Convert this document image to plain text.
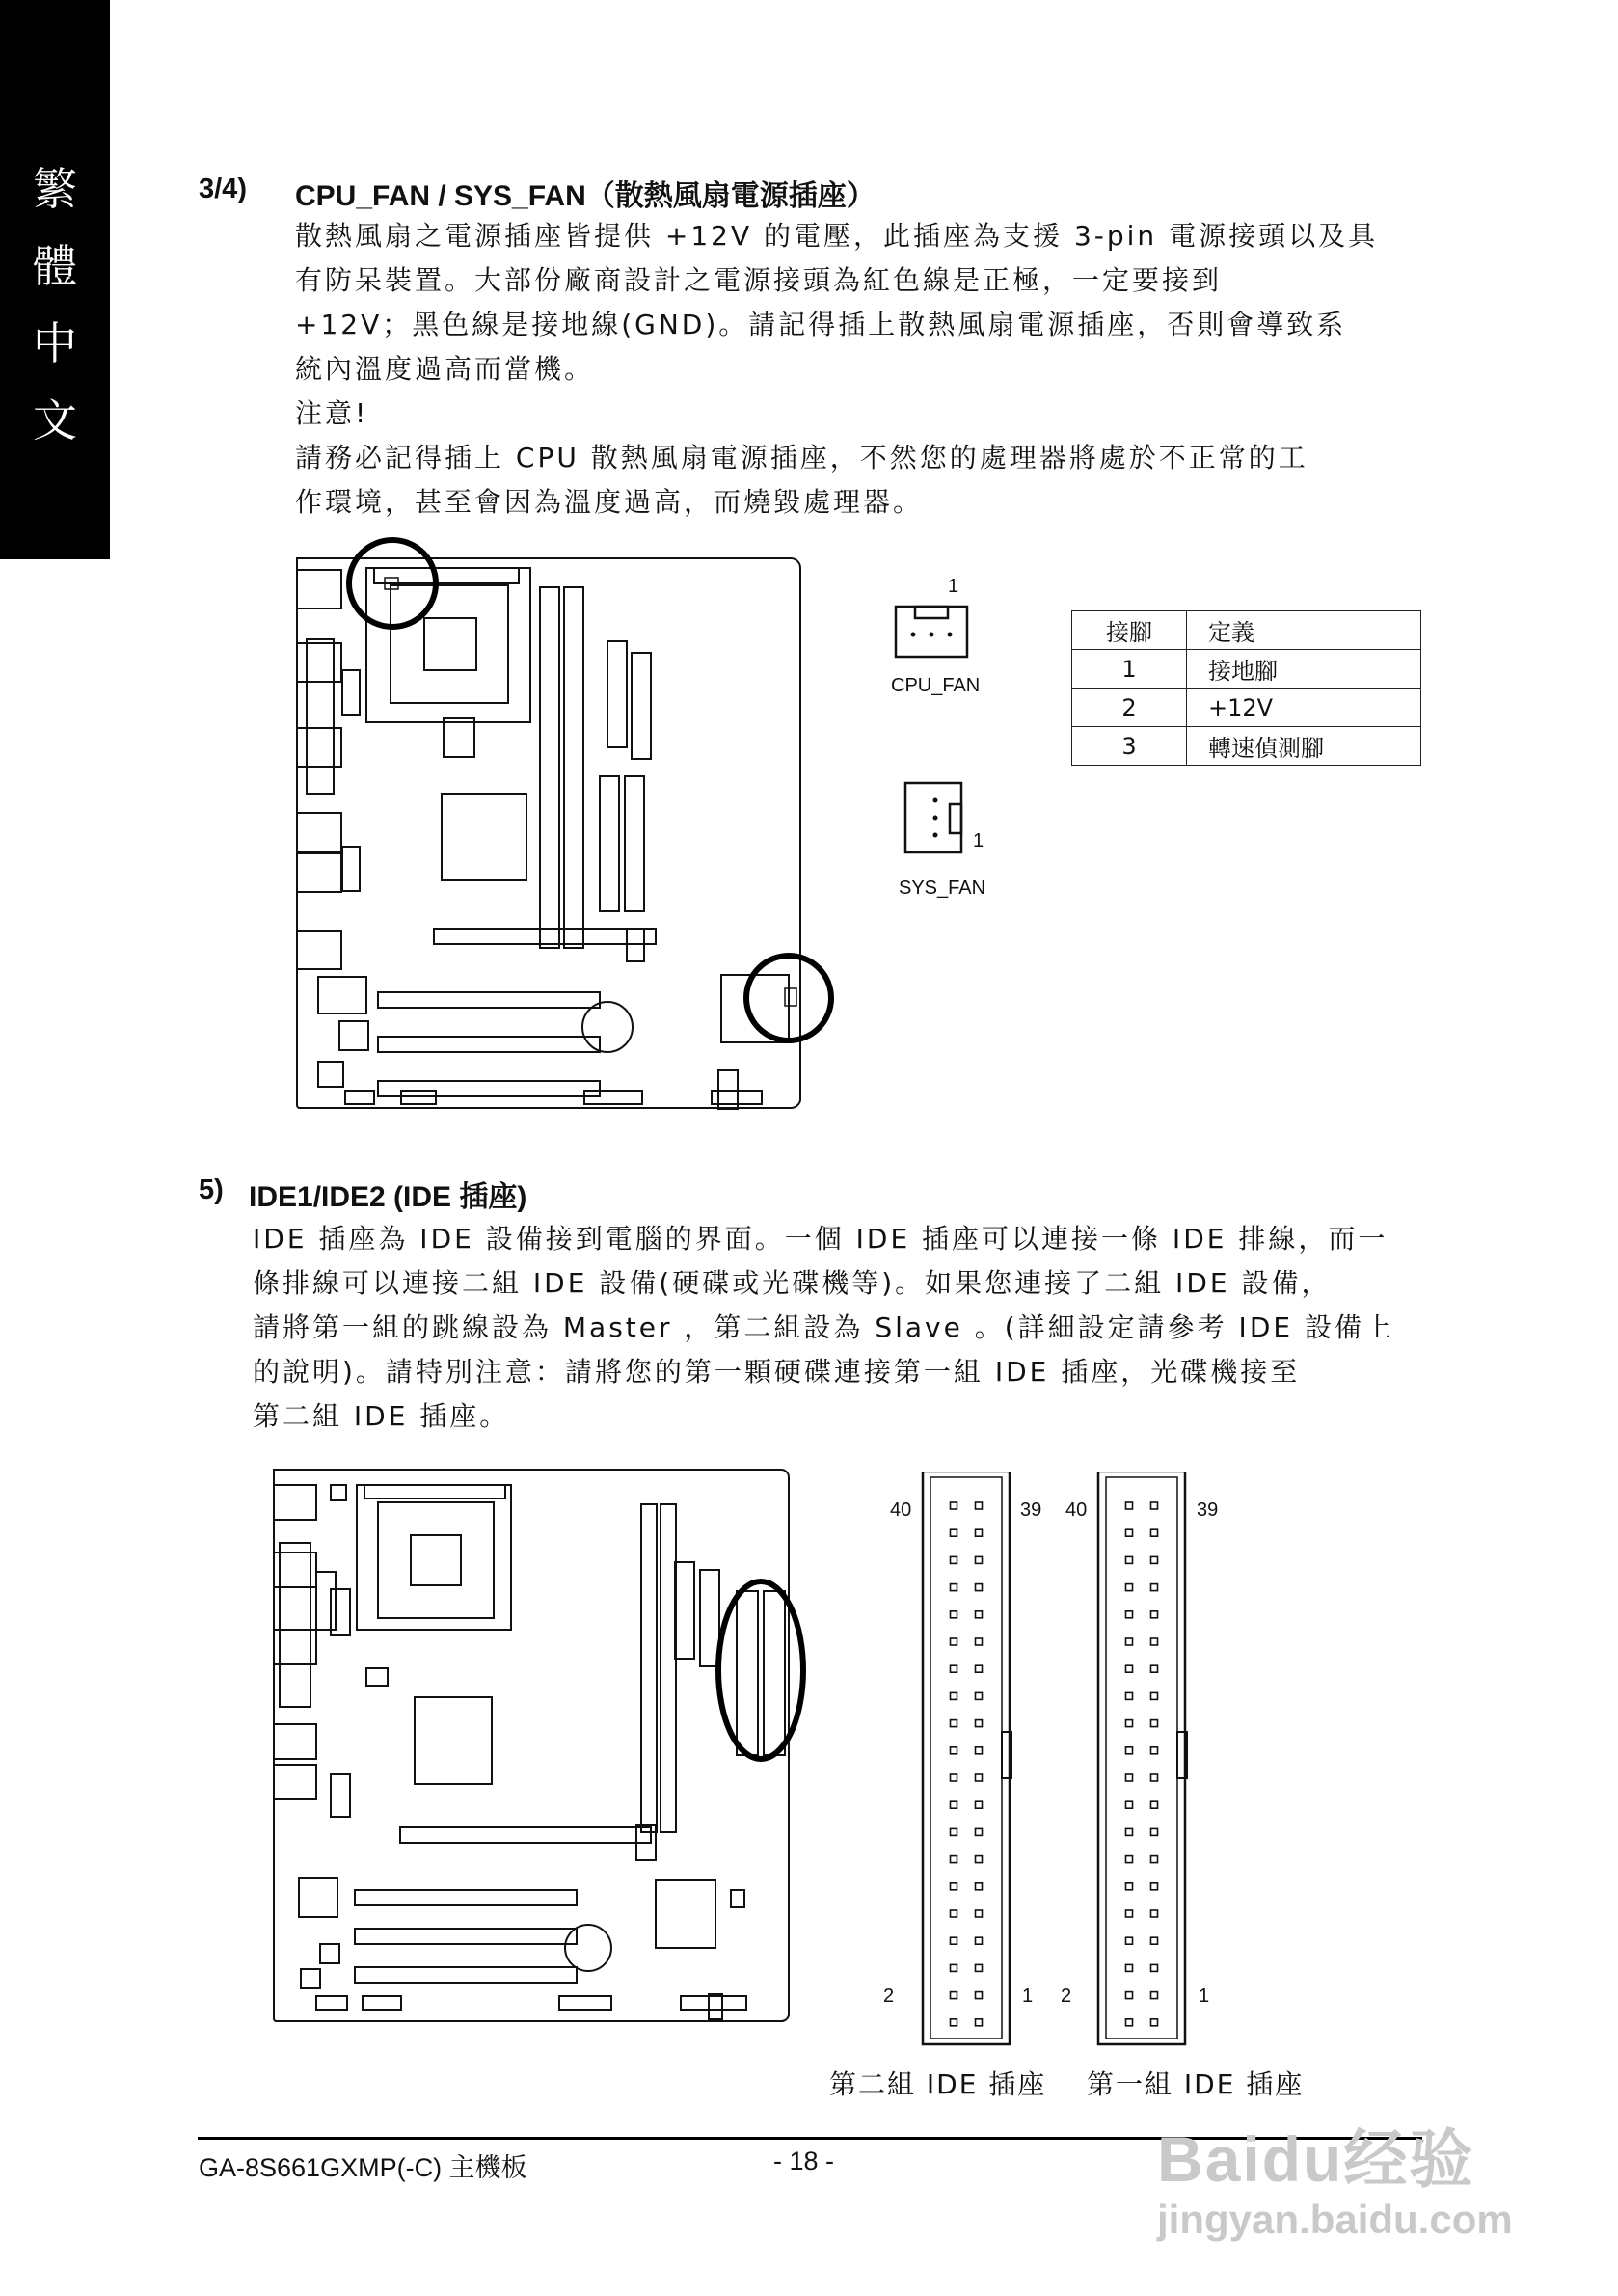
繁
體
中
文
3/4) CPU_FAN / SYS_FAN（散熱風扇電源插座）
散熱風扇之電源插座皆提供 +12V 的電壓，此插座為支援 3-pin 電源接頭以及具
有防呆裝置。大部份廠商設計之電源接頭為紅色線是正極，一定要接到
+12V；黑色線是接地線(GND)。請記得插上散熱風扇電源插座，否則會導致系
統內溫度過高而當機。
注意!
請務必記得插上 CPU 散熱風扇電源插座，不然您的處理器將處於不正常的工
作環境，甚至會因為溫度過高，而燒毀處理器。
1
CPU_FAN
1
SYS_FAN
接腳	定義
1	接地腳
2	+12V
3	轉速偵測腳
5) IDE1/IDE2 (IDE 插座)
IDE 插座為 IDE 設備接到電腦的界面。一個 IDE 插座可以連接一條 IDE 排線，而一
條排線可以連接二組 IDE 設備(硬碟或光碟機等)。如果您連接了二組 IDE 設備，
請將第一組的跳線設為 Master ，第二組設為 Slave 。(詳細設定請參考 IDE 設備上
的說明)。請特別注意：請將您的第一顆硬碟連接第一組 IDE 插座，光碟機接至
第二組 IDE 插座。
40	39
2	1
40	39
2	1
第二組 IDE 插座 第一組 IDE 插座
GA-8S661GXMP(-C) 主機板	- 18 -	Baidu经验
jingyan.baidu.com
